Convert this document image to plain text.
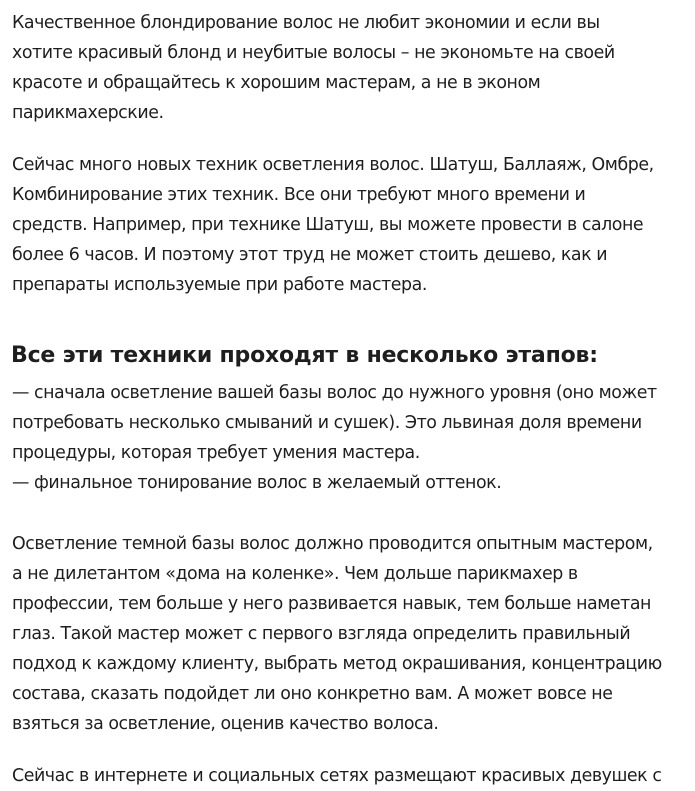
Качественное блондирование волос не любит экономии и если вы
хотите красивый блонд и неубитые волосы – не экономьте на своей
красоте и обращайтесь к хорошим мастерам, а не в эконом
парикмахерские.

Сейчас много новых техник осветления волос. Шатуш, Баллаяж, Омбре,
Комбинирование этих техник. Все они требуют много времени и
средств. Например, при технике Шатуш, вы можете провести в салоне
более 6 часов. И поэтому этот труд не может стоить дешево, как и
препараты используемые при работе мастера.

Все эти техники проходят в несколько этапов:

— сначала осветление вашей базы волос до нужного уровня (оно может
потребовать несколько смываний и сушек). Это львиная доля времени
процедуры, которая требует умения мастера.
— финальное тонирование волос в желаемый оттенок.

Осветление темной базы волос должно проводится опытным мастером,
а не дилетантом «дома на коленке». Чем дольше парикмахер в
профессии, тем больше у него развивается навык, тем больше наметан
глаз. Такой мастер может с первого взгляда определить правильный
подход к каждому клиенту, выбрать метод окрашивания, концентрацию
состава, сказать подойдет ли оно конкретно вам. А может вовсе не
взяться за осветление, оценив качество волоса.

Сейчас в интернете и социальных сетях размещают красивых девушек с
